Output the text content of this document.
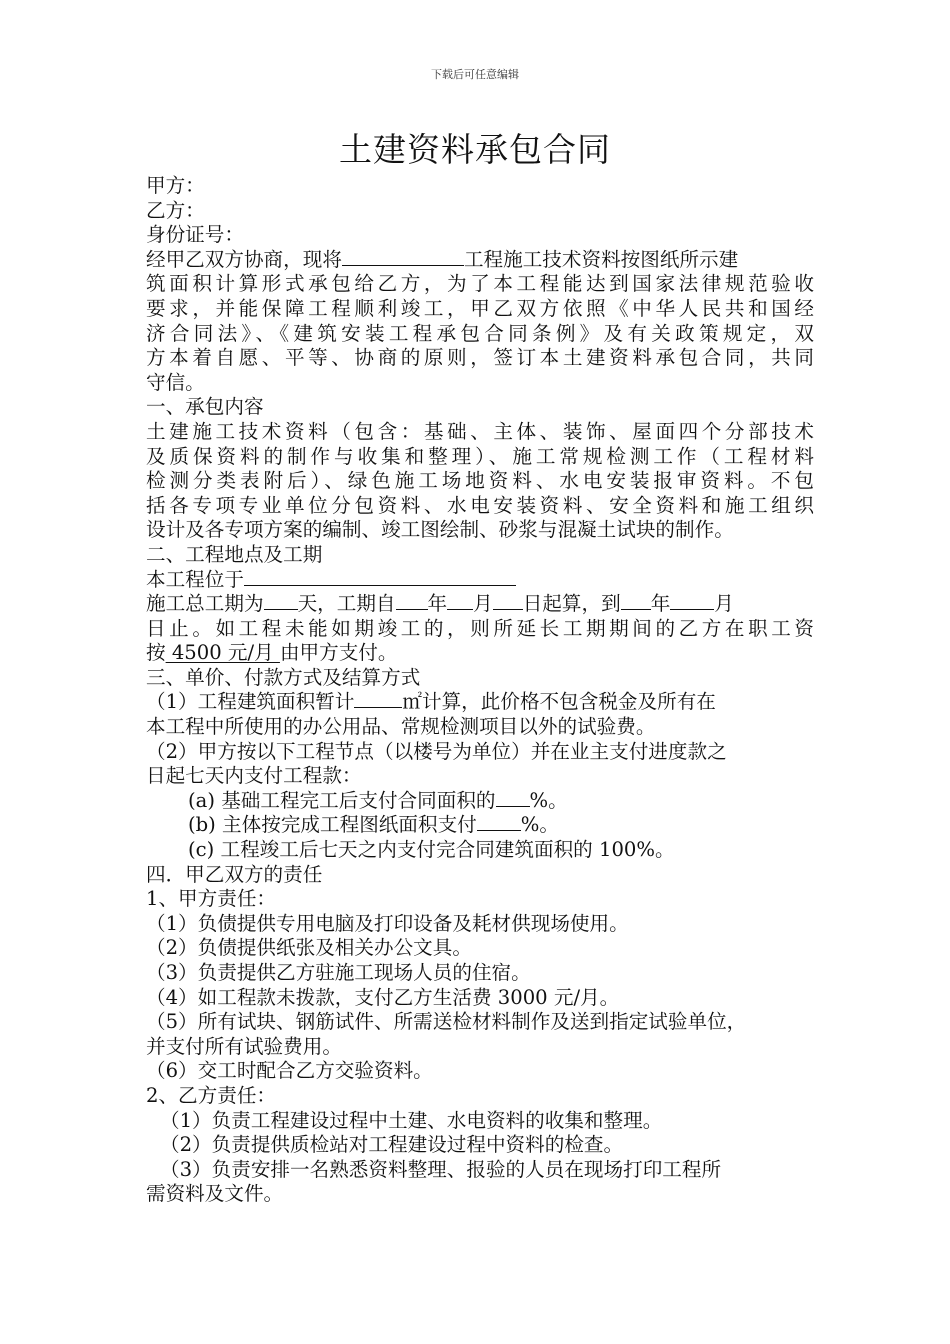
下载后可任意编辑
土建资料承包合同
甲方：
乙方：
身份证号：
经甲乙双方协商，现将	工程施工技术资料按图纸所示建
筑面积计算形式承包给乙方，为了本工程能达到国家法律规范验收
要求，并能保障工程顺利竣工，甲乙双方依照《中华人民共和国经
济合同法》、《建筑安装工程承包合同条例》及有关政策规定，双
方本着自愿、平等、协商的原则，签订本土建资料承包合同，共同
守信。
一、承包内容
土建施工技术资料（包含：基础、主体、装饰、屋面四个分部技术
及质保资料的制作与收集和整理）、施工常规检测工作（工程材料
检测分类表附后）、绿色施工场地资料、水电安装报审资料。不包
括各专项专业单位分包资料、水电安装资料、安全资料和施工组织
设计及各专项方案的编制、竣工图绘制、砂浆与混凝土试块的制作。
二、工程地点及工期
本工程位于
施工总工期为 天，工期自 年 月 日起算，到 年 月
日止。如工程未能如期竣工的，则所延长工期期间的乙方在职工资
按 4500 元/月 由甲方支付。
三、单价、付款方式及结算方式
（1）工程建筑面积暂计 ㎡计算，此价格不包含税金及所有在
本工程中所使用的办公用品、常规检测项目以外的试验费。
（2）甲方按以下工程节点（以楼号为单位）并在业主支付进度款之
日起七天内支付工程款：
(a) 基础工程完工后支付合同面积的 %。
(b) 主体按完成工程图纸面积支付 %。
(c) 工程竣工后七天之内支付完合同建筑面积的 100%。
四．甲乙双方的责任
1、甲方责任：
（1）负债提供专用电脑及打印设备及耗材供现场使用。
（2）负债提供纸张及相关办公文具。
（3）负责提供乙方驻施工现场人员的住宿。
（4）如工程款未拨款，支付乙方生活费 3000 元/月。
（5）所有试块、钢筋试件、所需送检材料制作及送到指定试验单位，
并支付所有试验费用。
（6）交工时配合乙方交验资料。
2、乙方责任：
（1）负责工程建设过程中土建、水电资料的收集和整理。
（2）负责提供质检站对工程建设过程中资料的检查。
（3）负责安排一名熟悉资料整理、报验的人员在现场打印工程所
需资料及文件。
